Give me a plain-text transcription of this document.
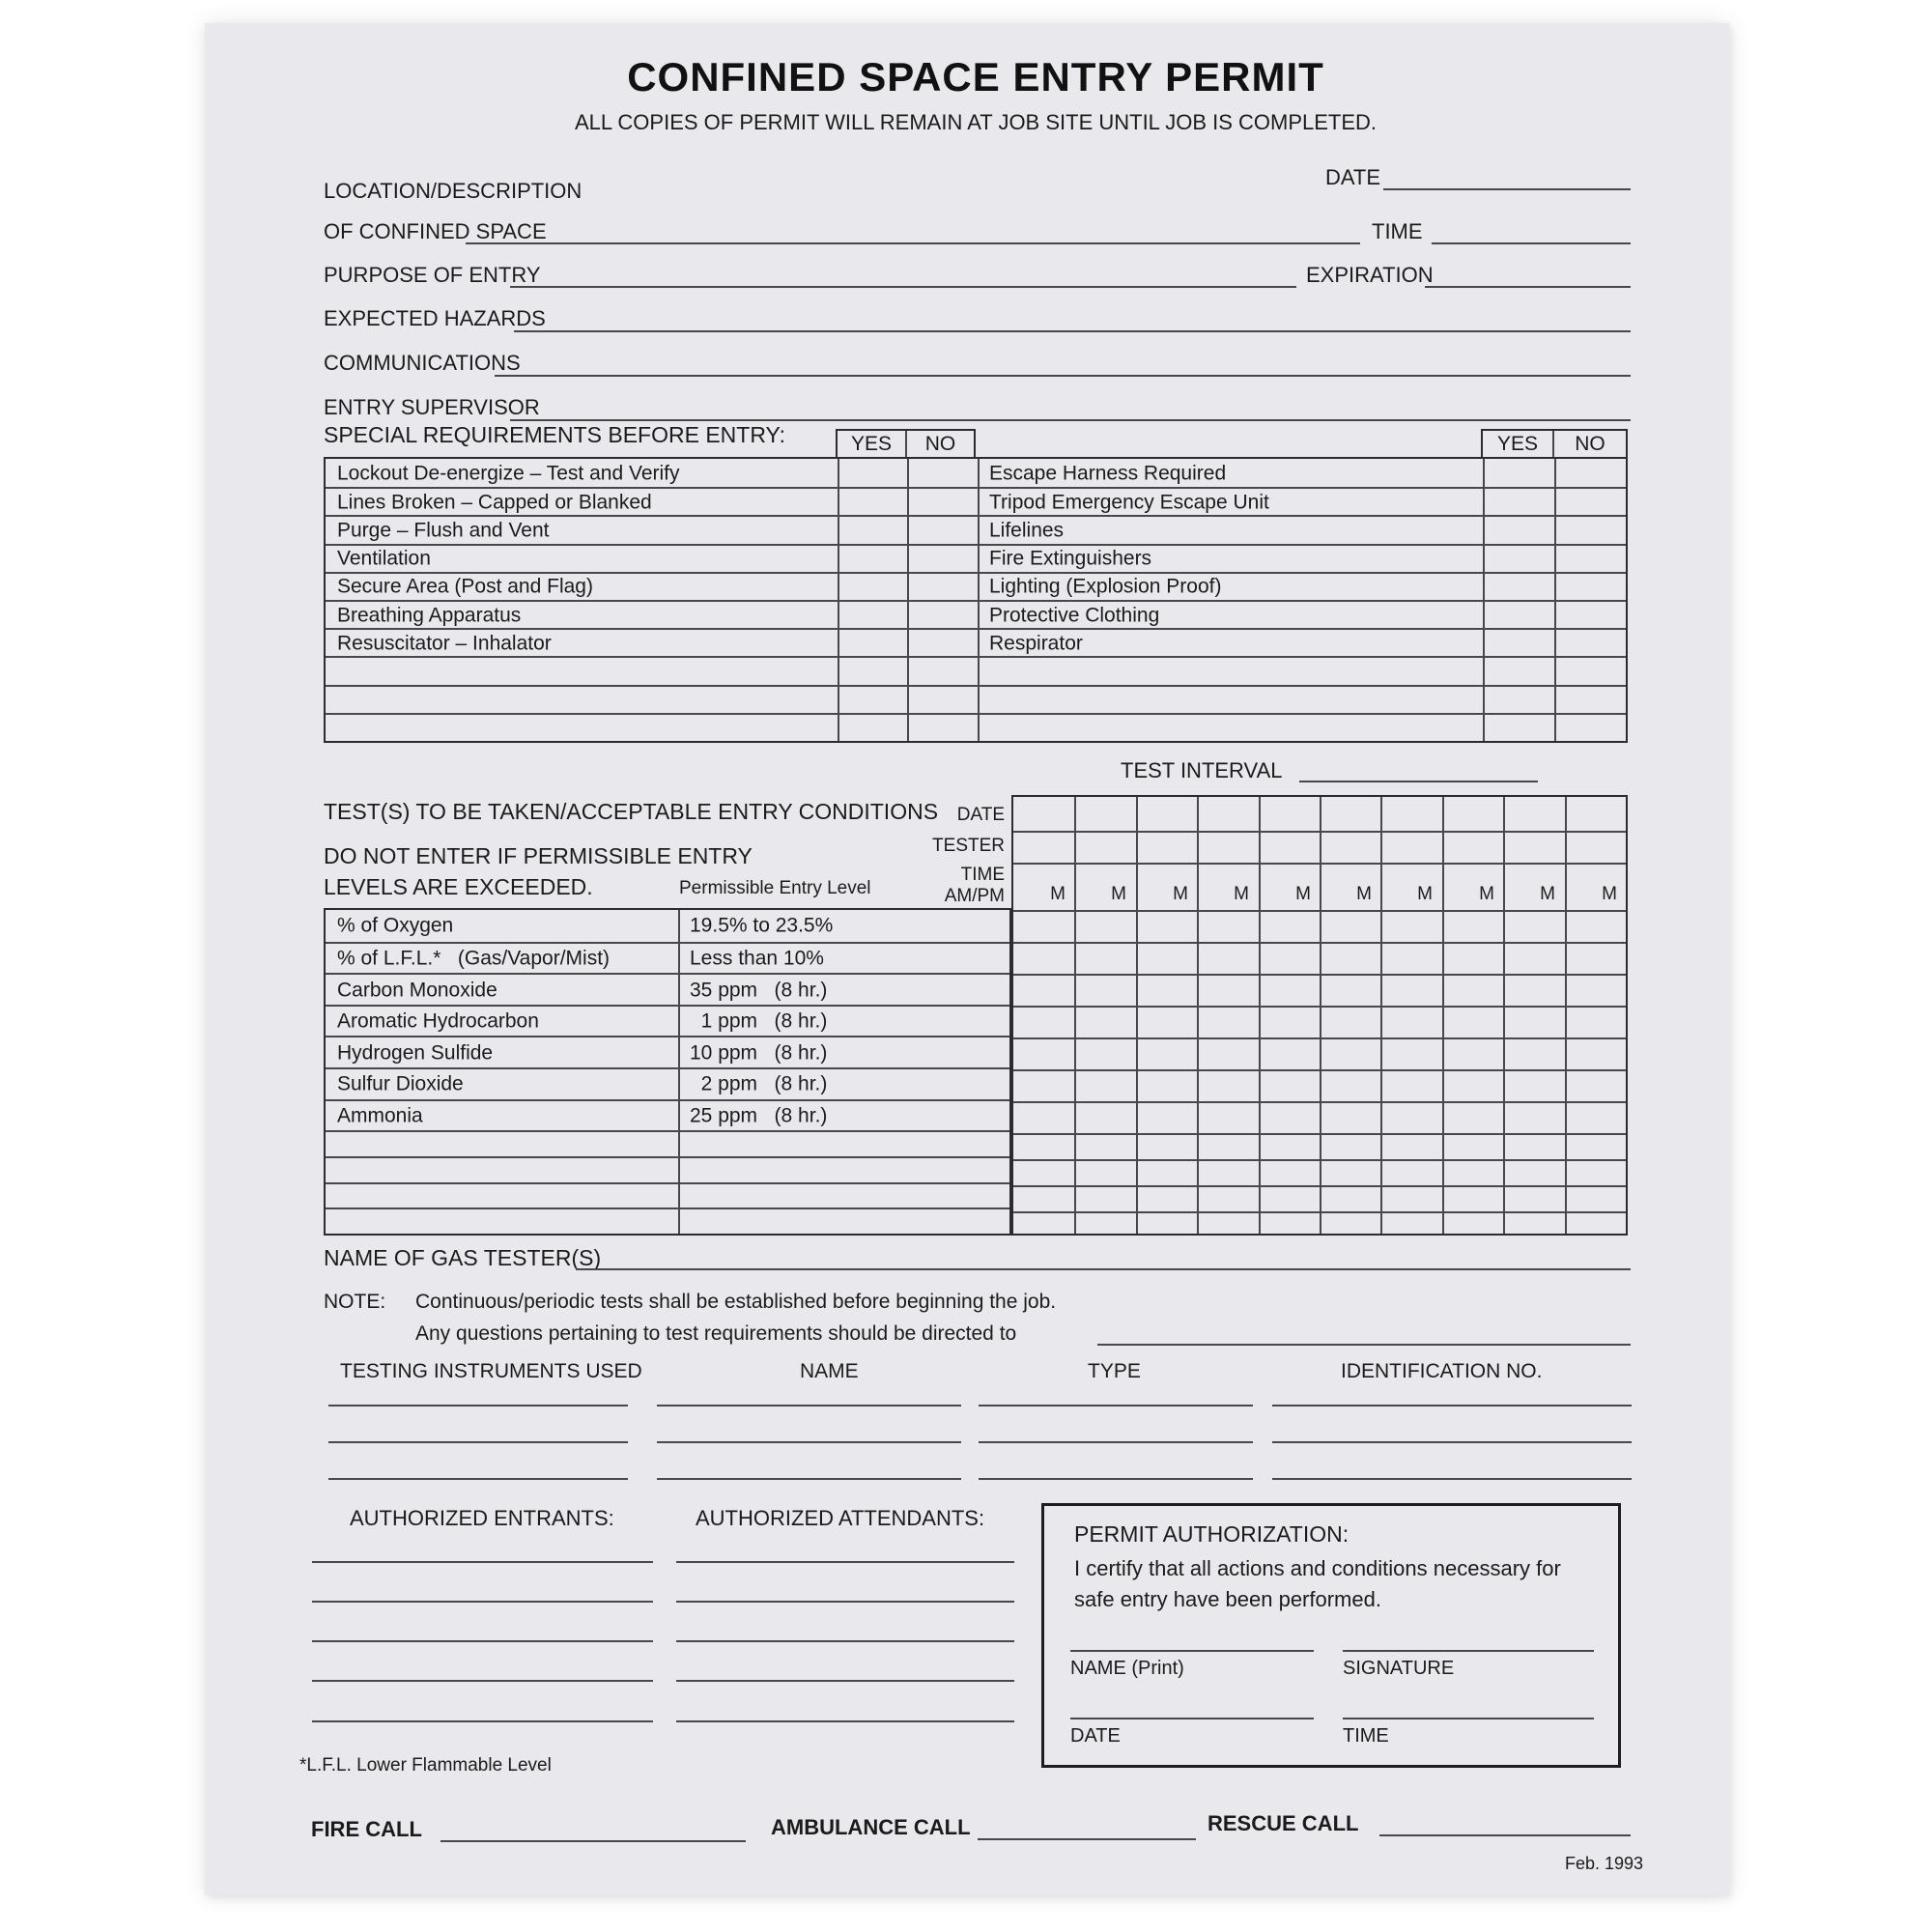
CONFINED SPACE ENTRY PERMIT
ALL COPIES OF PERMIT WILL REMAIN AT JOB SITE UNTIL JOB IS COMPLETED.
DATE
TIME
EXPIRATION
LOCATION/DESCRIPTION
OF CONFINED SPACE
PURPOSE OF ENTRY
EXPECTED HAZARDS
COMMUNICATIONS
ENTRY SUPERVISOR
SPECIAL REQUIREMENTS BEFORE ENTRY:	YES	NO	YES	NO
Lockout De-energize – Test and Verify	Escape Harness Required
Lines Broken – Capped or Blanked	Tripod Emergency Escape Unit
Purge – Flush and Vent	Lifelines
Ventilation	Fire Extinguishers
Secure Area (Post and Flag)	Lighting (Explosion Proof)
Breathing Apparatus	Protective Clothing
Resuscitator – Inhalator	Respirator
TEST INTERVAL
TEST(S) TO BE TAKEN/ACCEPTABLE ENTRY CONDITIONS
DO NOT ENTER IF PERMISSIBLE ENTRY
LEVELS ARE EXCEEDED.	Permissible Entry Level
DATE
TESTER
TIME
AM/PM	M	M	M	M	M	M	M	M	M	M
% of Oxygen	19.5% to 23.5%
% of L.F.L.*   (Gas/Vapor/Mist)	Less than 10%
Carbon Monoxide	35 ppm   (8 hr.)
Aromatic Hydrocarbon	1 ppm   (8 hr.)
Hydrogen Sulfide	10 ppm   (8 hr.)
Sulfur Dioxide	2 ppm   (8 hr.)
Ammonia	25 ppm   (8 hr.)
NAME OF GAS TESTER(S)
NOTE: Continuous/periodic tests shall be established before beginning the job.
Any questions pertaining to test requirements should be directed to
TESTING INSTRUMENTS USED	NAME	TYPE	IDENTIFICATION NO.
AUTHORIZED ENTRANTS:	AUTHORIZED ATTENDANTS:
PERMIT AUTHORIZATION:
I certify that all actions and conditions necessary for
safe entry have been performed.
NAME (Print)	SIGNATURE
DATE	TIME
*L.F.L. Lower Flammable Level
FIRE CALL	AMBULANCE CALL	RESCUE CALL
Feb. 1993
